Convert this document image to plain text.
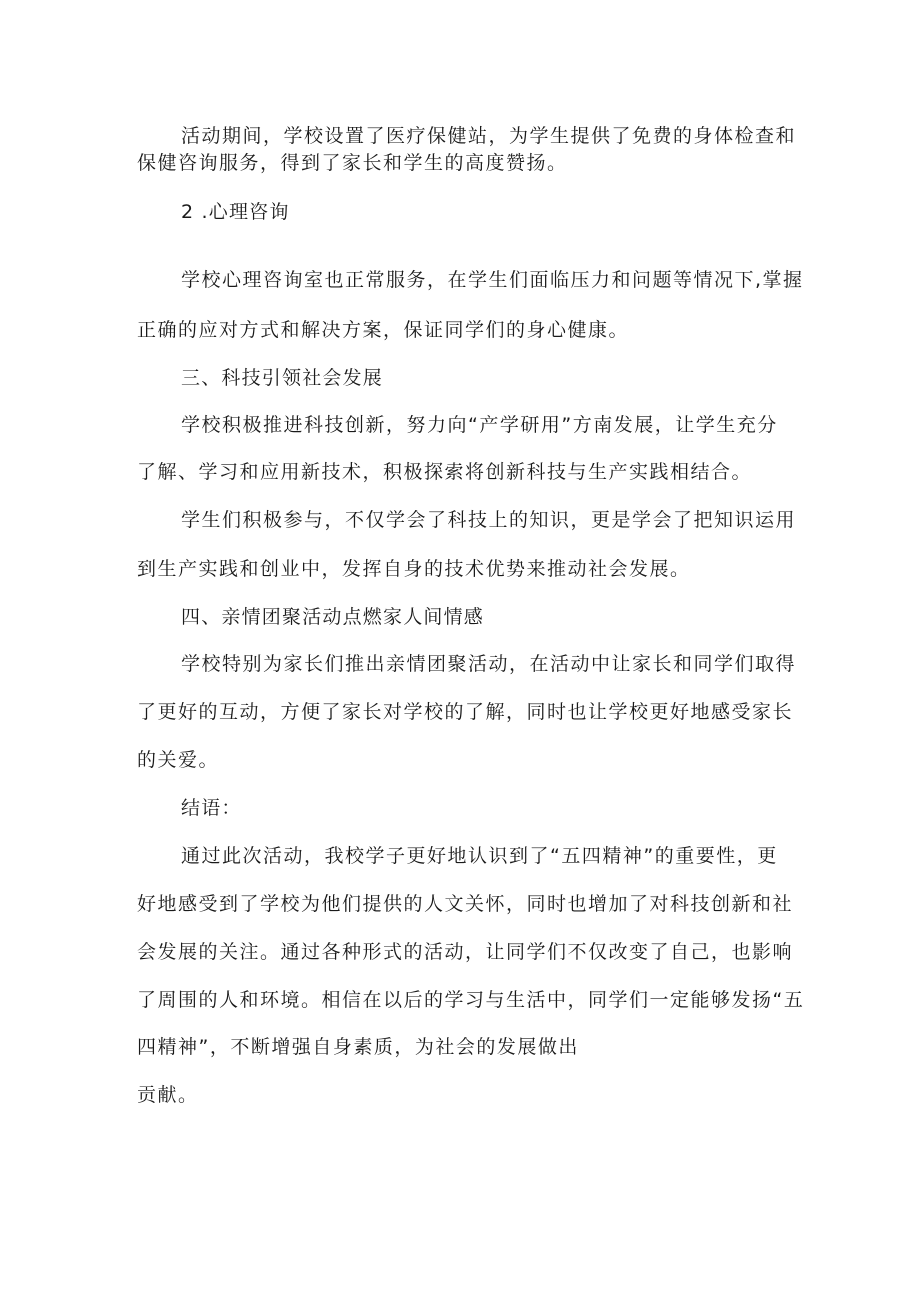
活动期间，学校设置了医疗保健站，为学生提供了免费的身体检查和
保健咨询服务，得到了家长和学生的高度赞扬。
2 .心理咨询
学校心理咨询室也正常服务，在学生们面临压力和问题等情况下,掌握
正确的应对方式和解决方案，保证同学们的身心健康。
三、科技引领社会发展
学校积极推进科技创新，努力向“产学研用”方南发展，让学生充分
了解、学习和应用新技术，积极探索将创新科技与生产实践相结合。
学生们积极参与，不仅学会了科技上的知识，更是学会了把知识运用
到生产实践和创业中，发挥自身的技术优势来推动社会发展。
四、亲情团聚活动点燃家人间情感
学校特别为家长们推出亲情团聚活动，在活动中让家长和同学们取得
了更好的互动，方便了家长对学校的了解，同时也让学校更好地感受家长
的关爱。
结语：
通过此次活动，我校学子更好地认识到了“五四精神”的重要性，更
好地感受到了学校为他们提供的人文关怀，同时也增加了对科技创新和社
会发展的关注。通过各种形式的活动，让同学们不仅改变了自己，也影响
了周围的人和环境。相信在以后的学习与生活中，同学们一定能够发扬“五
四精神”，不断增强自身素质，为社会的发展做出
贡献。
